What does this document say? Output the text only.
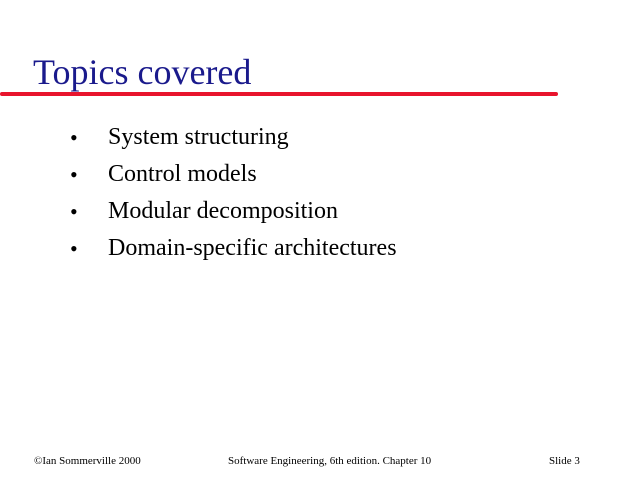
Topics covered
•	System structuring
•	Control models
•	Modular decomposition
•	Domain-specific architectures
©Ian Sommerville 2000	Software Engineering, 6th edition. Chapter 10	Slide 3
